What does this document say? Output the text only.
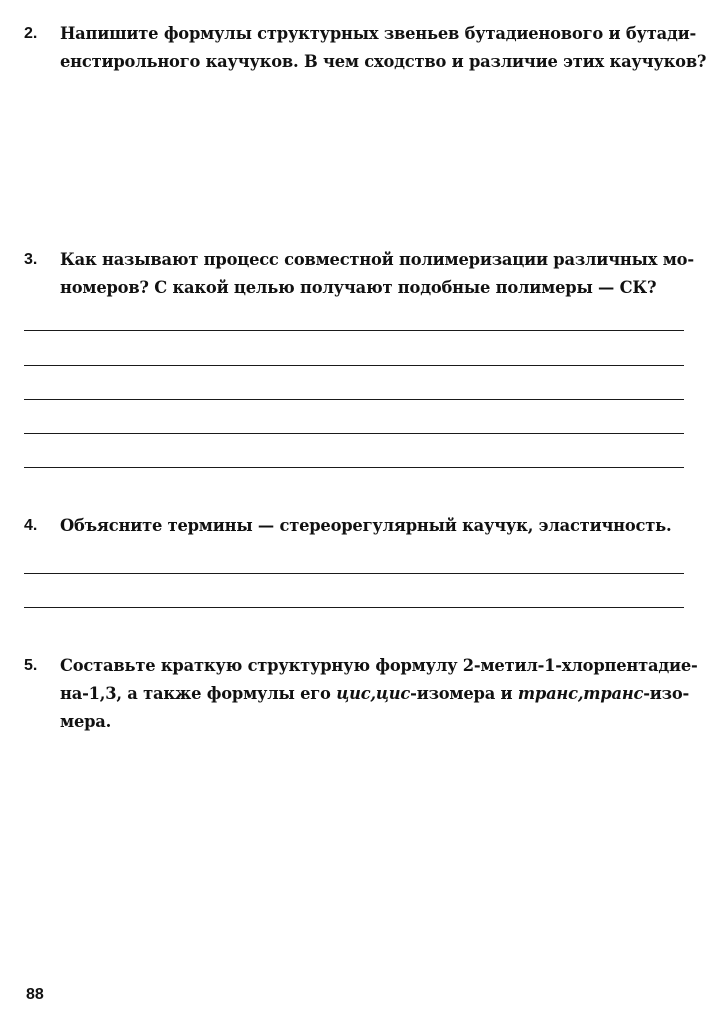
2. Напишите формулы структурных звеньев бутадиенового и бутади-
енстирольного каучуков. В чем сходство и различие этих каучуков?
3. Как называют процесс совместной полимеризации различных мо-
номеров? С какой целью получают подобные полимеры — СК?
4. Объясните термины — стереорегулярный каучук, эластичность.
5. Составьте краткую структурную формулу 2-метил-1-хлорпентадие-
на-1,3, а также формулы его цис,цис-изомера и транс,транс-изо-
мера.
88
